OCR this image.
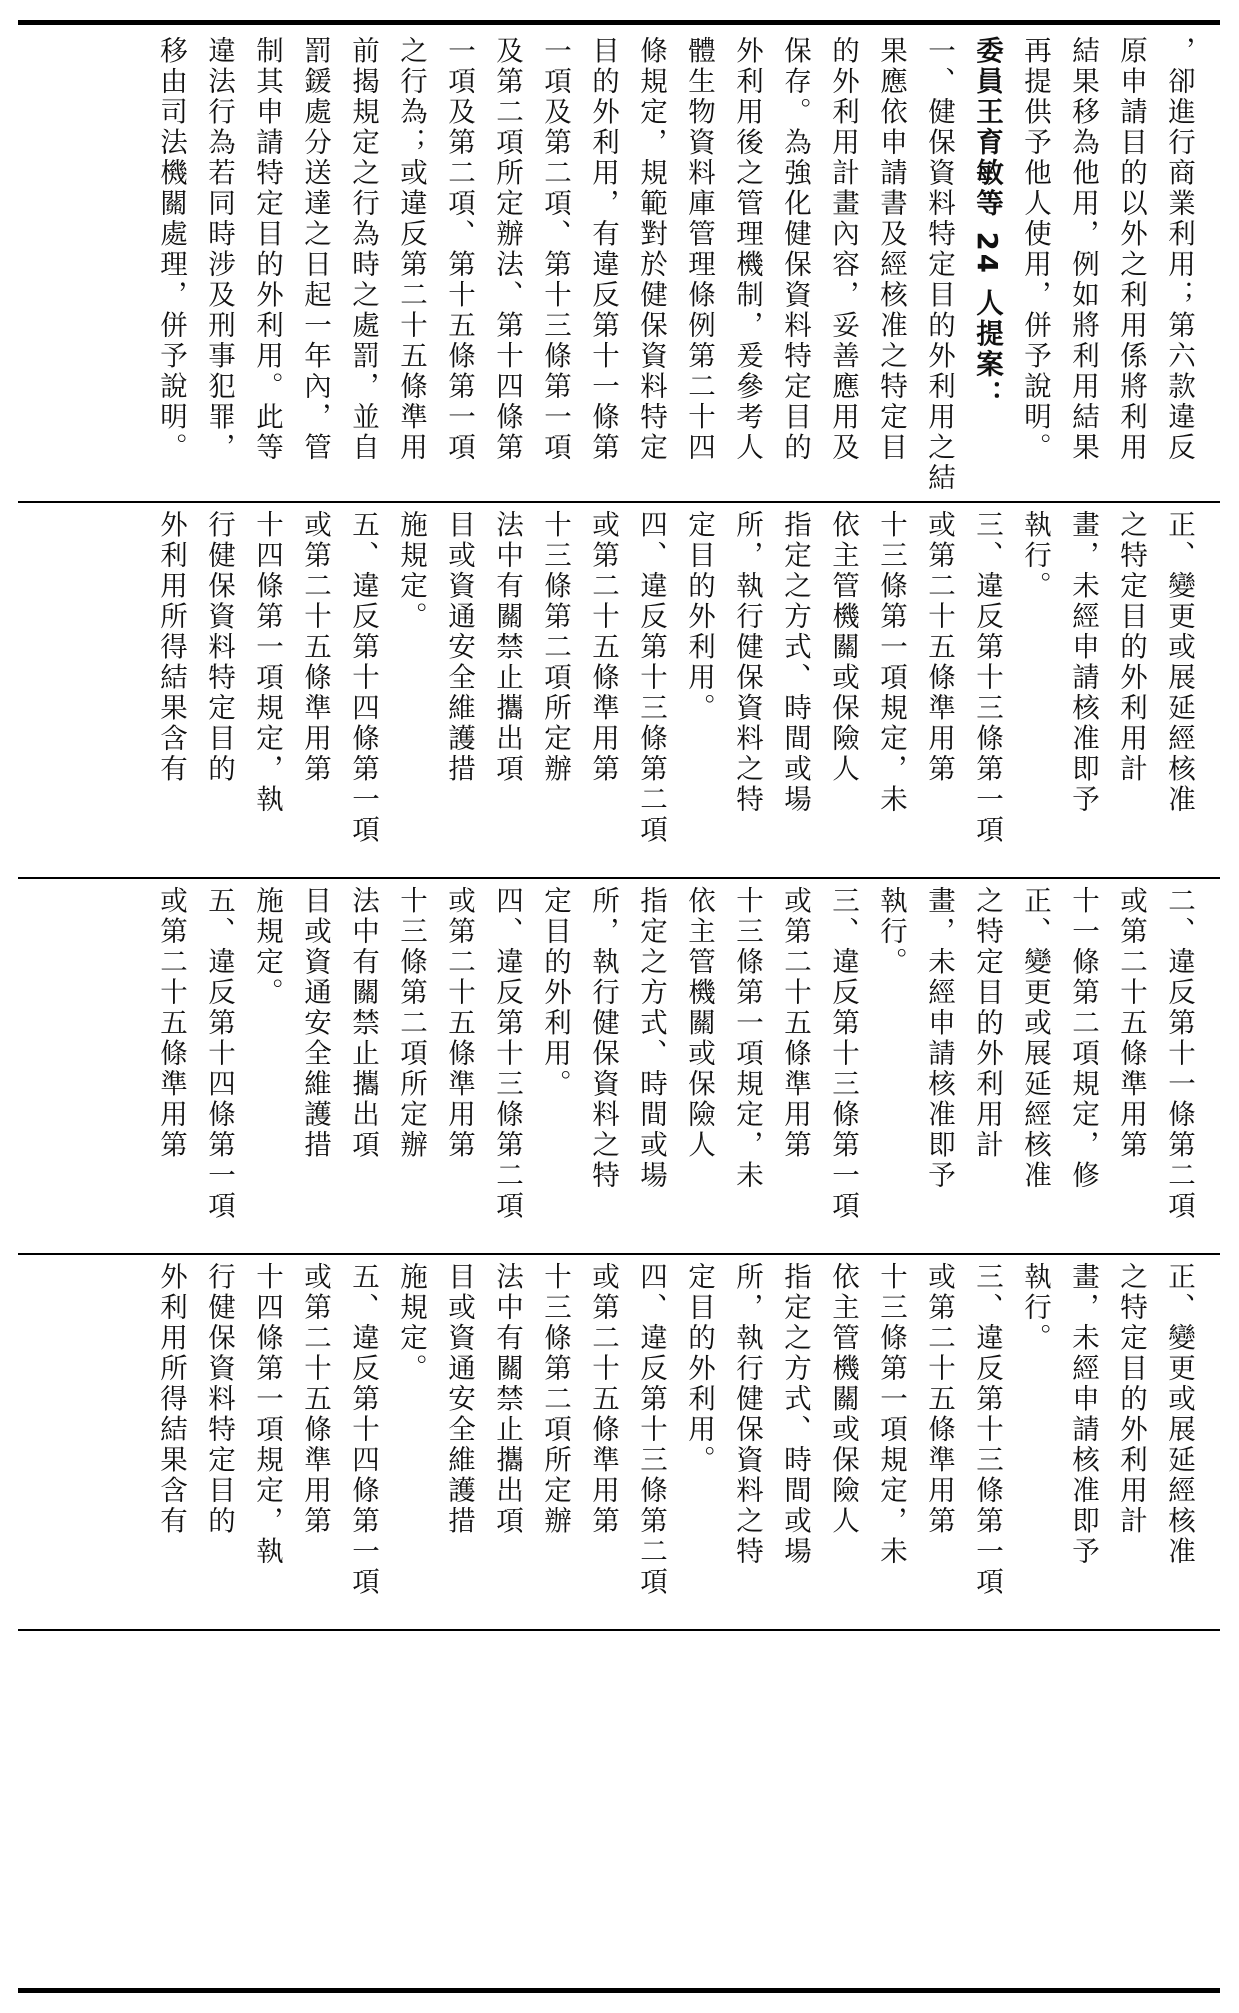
，卻進行商業利用；第六款違反

原申請目的以外之利用係將利用

結果移為他用，例如將利用結果

再提供予他人使用，併予說明。

委員王育敏等 24 人提案：

一、健保資料特定目的外利用之結

果應依申請書及經核准之特定目

的外利用計畫內容，妥善應用及

保存。為強化健保資料特定目的

外利用後之管理機制，爰參考人

體生物資料庫管理條例第二十四

條規定，規範對於健保資料特定

目的外利用，有違反第十一條第

一項及第二項、第十三條第一項

及第二項所定辦法、第十四條第

一項及第二項、第十五條第一項

之行為；或違反第二十五條準用

前揭規定之行為時之處罰，並自

罰鍰處分送達之日起一年內，管

制其申請特定目的外利用。此等

違法行為若同時涉及刑事犯罪，

移由司法機關處理，併予說明。

正、變更或展延經核准

之特定目的外利用計

畫，未經申請核准即予

執行。

三、違反第十三條第一項

或第二十五條準用第

十三條第一項規定，未

依主管機關或保險人

指定之方式、時間或場

所，執行健保資料之特

定目的外利用。

四、違反第十三條第二項

或第二十五條準用第

十三條第二項所定辦

法中有關禁止攜出項

目或資通安全維護措

施規定。

五、違反第十四條第一項

或第二十五條準用第

十四條第一項規定，執

行健保資料特定目的

外利用所得結果含有

二、違反第十一條第二項

或第二十五條準用第

十一條第二項規定，修

正、變更或展延經核准

之特定目的外利用計

畫，未經申請核准即予

執行。

三、違反第十三條第一項

或第二十五條準用第

十三條第一項規定，未

依主管機關或保險人

指定之方式、時間或場

所，執行健保資料之特

定目的外利用。

四、違反第十三條第二項

或第二十五條準用第

十三條第二項所定辦

法中有關禁止攜出項

目或資通安全維護措

施規定。

五、違反第十四條第一項

或第二十五條準用第

正、變更或展延經核准

之特定目的外利用計

畫，未經申請核准即予

執行。

三、違反第十三條第一項

或第二十五條準用第

十三條第一項規定，未

依主管機關或保險人

指定之方式、時間或場

所，執行健保資料之特

定目的外利用。

四、違反第十三條第二項

或第二十五條準用第

十三條第二項所定辦

法中有關禁止攜出項

目或資通安全維護措

施規定。

五、違反第十四條第一項

或第二十五條準用第

十四條第一項規定，執

行健保資料特定目的

外利用所得結果含有
